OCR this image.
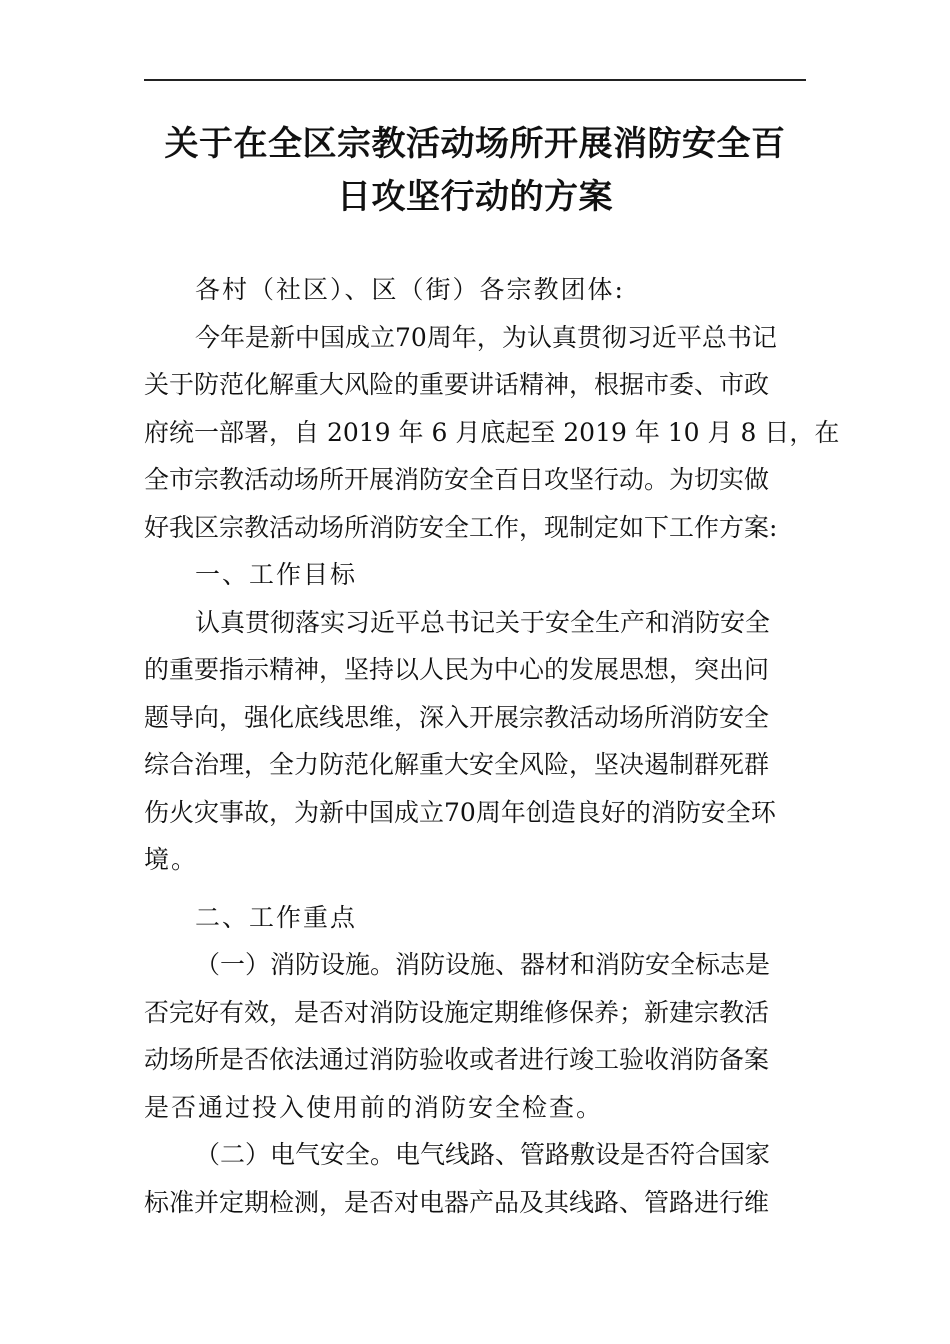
关于在全区宗教活动场所开展消防安全百
日攻坚行动的方案
各村（社区）、区（街）各宗教团体:
今年是新中国成立70周年，为认真贯彻习近平总书记
关于防范化解重大风险的重要讲话精神，根据市委、市政
府统一部署，自 2019 年 6 月底起至 2019 年 10 月 8 日，在
全市宗教活动场所开展消防安全百日攻坚行动。为切实做
好我区宗教活动场所消防安全工作，现制定如下工作方案:
一、工作目标
认真贯彻落实习近平总书记关于安全生产和消防安全
的重要指示精神，坚持以人民为中心的发展思想，突出问
题导向，强化底线思维，深入开展宗教活动场所消防安全
综合治理，全力防范化解重大安全风险，坚决遏制群死群
伤火灾事故，为新中国成立70周年创造良好的消防安全环
境。
二、工作重点
（一）消防设施。消防设施、器材和消防安全标志是
否完好有效，是否对消防设施定期维修保养；新建宗教活
动场所是否依法通过消防验收或者进行竣工验收消防备案
是否通过投入使用前的消防安全检查。
（二）电气安全。电气线路、管路敷设是否符合国家
标准并定期检测，是否对电器产品及其线路、管路进行维
